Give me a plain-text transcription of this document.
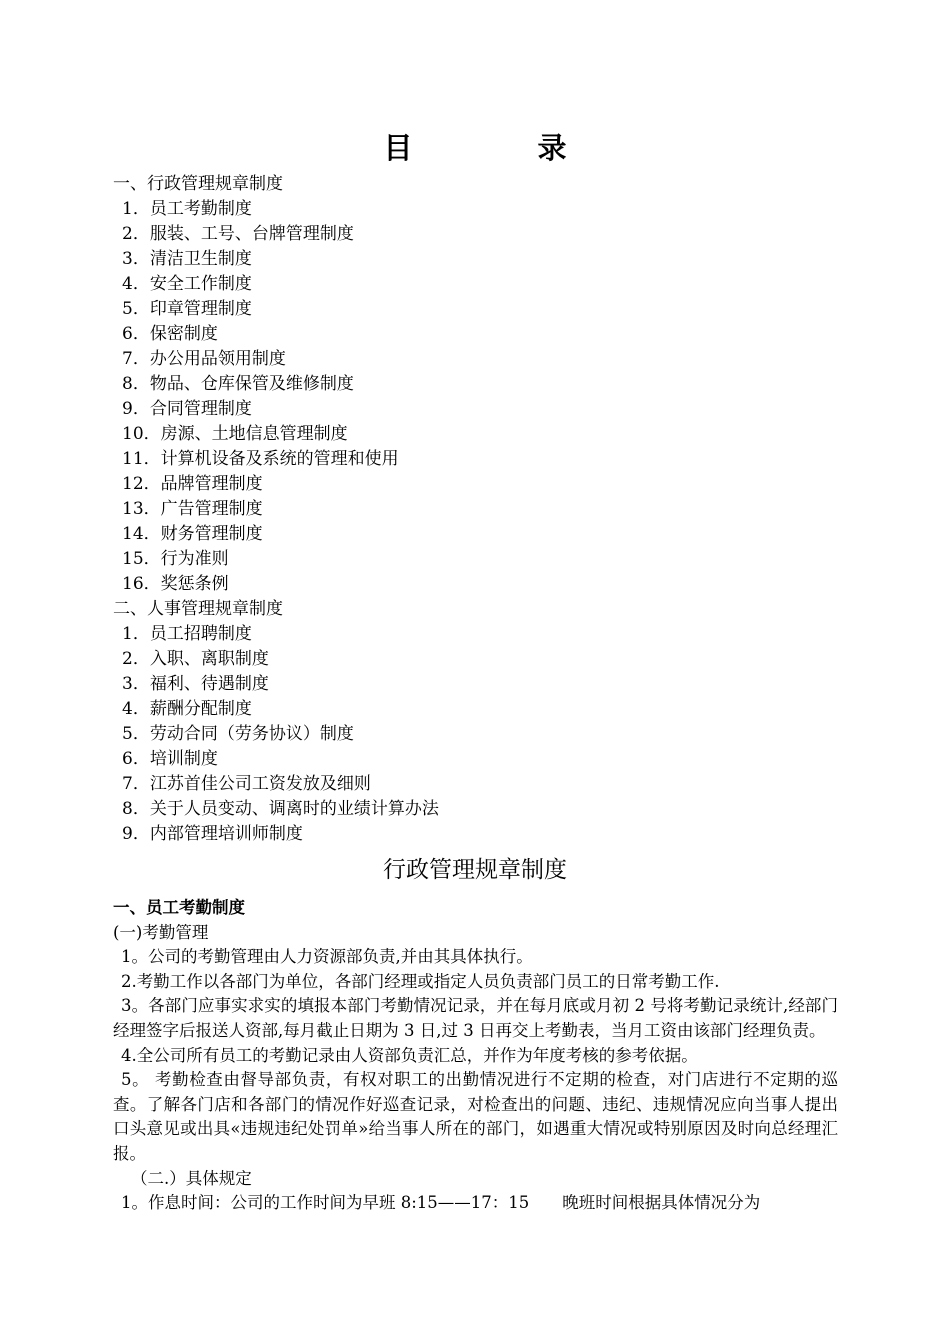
目　录
一、行政管理规章制度
1．员工考勤制度
2．服装、工号、台牌管理制度
3．清洁卫生制度
4．安全工作制度
5．印章管理制度
6．保密制度
7．办公用品领用制度
8．物品、仓库保管及维修制度
9．合同管理制度
10．房源、土地信息管理制度
11．计算机设备及系统的管理和使用
12．品牌管理制度
13．广告管理制度
14．财务管理制度
15．行为准则
16．奖惩条例
二、人事管理规章制度
1．员工招聘制度
2．入职、离职制度
3．福利、待遇制度
4．薪酬分配制度
5．劳动合同（劳务协议）制度
6．培训制度
7．江苏首佳公司工资发放及细则
8．关于人员变动、调离时的业绩计算办法
9．内部管理培训师制度
行政管理规章制度
一、员工考勤制度
(一)考勤管理
1。公司的考勤管理由人力资源部负责,并由其具体执行。
2.考勤工作以各部门为单位，各部门经理或指定人员负责部门员工的日常考勤工作.
3。各部门应事实求实的填报本部门考勤情况记录，并在每月底或月初 2 号将考勤记录统计,经部门经理签字后报送人资部,每月截止日期为 3 日,过 3 日再交上考勤表，当月工资由该部门经理负责。
4.全公司所有员工的考勤记录由人资部负责汇总，并作为年度考核的参考依据。
5。 考勤检查由督导部负责，有权对职工的出勤情况进行不定期的检查，对门店进行不定期的巡查。了解各门店和各部门的情况作好巡查记录，对检查出的问题、违纪、违规情况应向当事人提出口头意见或出具«违规违纪处罚单»给当事人所在的部门，如遇重大情况或特别原因及时向总经理汇报。
（二.）具体规定
1。作息时间：公司的工作时间为早班 8:15——17：15　　晚班时间根据具体情况分为
